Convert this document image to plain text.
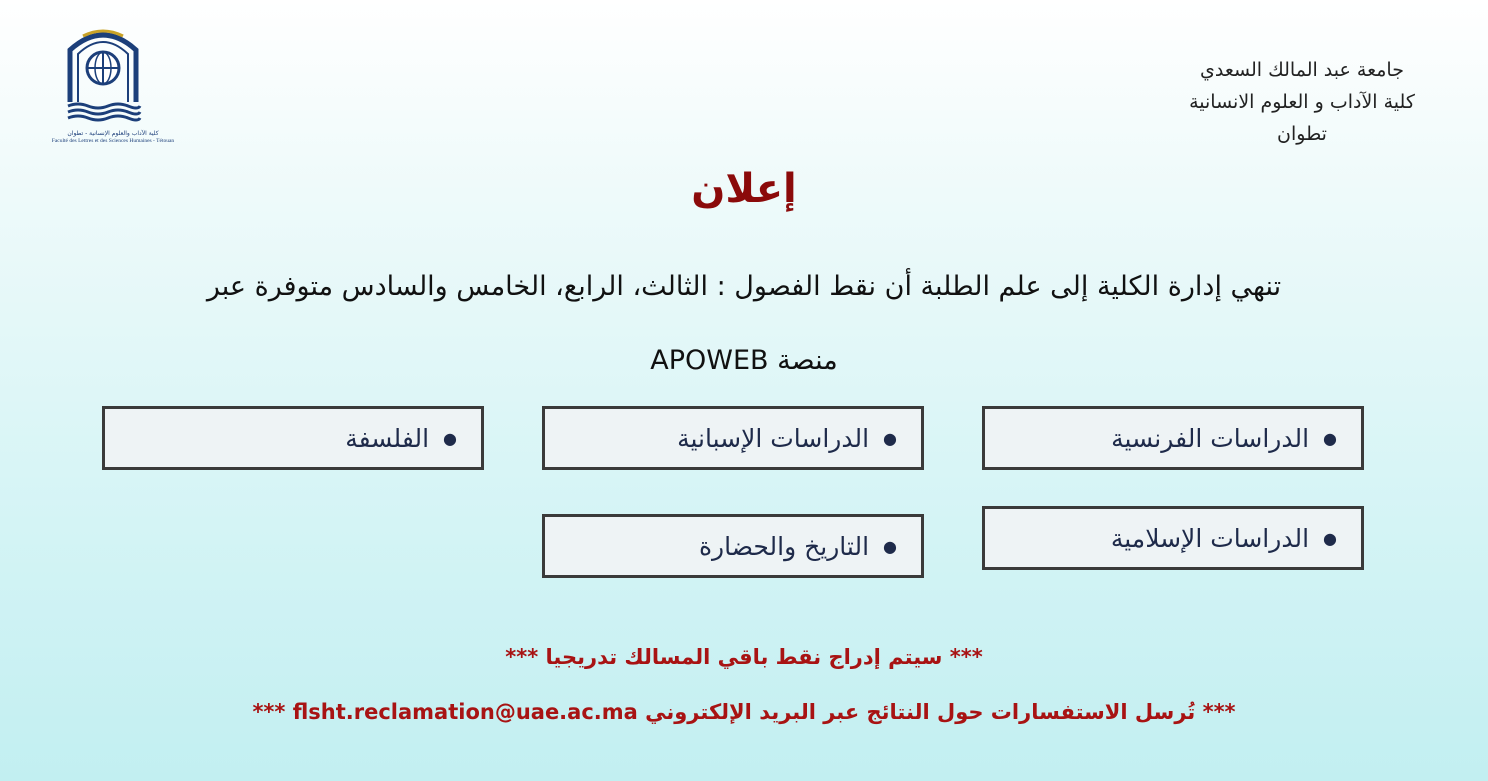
كلية الآداب والعلوم الإنسانية - تطوان
Faculté des Lettres et des Sciences Humaines - Tétouan
جامعة عبد المالك السعدي
كلية الآداب و العلوم الانسانية
تطوان
إعلان
تنهي إدارة الكلية إلى علم الطلبة أن نقط الفصول : الثالث، الرابع، الخامس والسادس متوفرة عبر
منصة APOWEB
●
الدراسات الفرنسية
●
الدراسات الإسبانية
●
الفلسفة
●
الدراسات الإسلامية
●
التاريخ والحضارة
*** سيتم إدراج نقط باقي المسالك تدريجيا ***
*** تُرسل الاستفسارات حول النتائج عبر البريد الإلكتروني flsht.reclamation@uae.ac.ma ***
